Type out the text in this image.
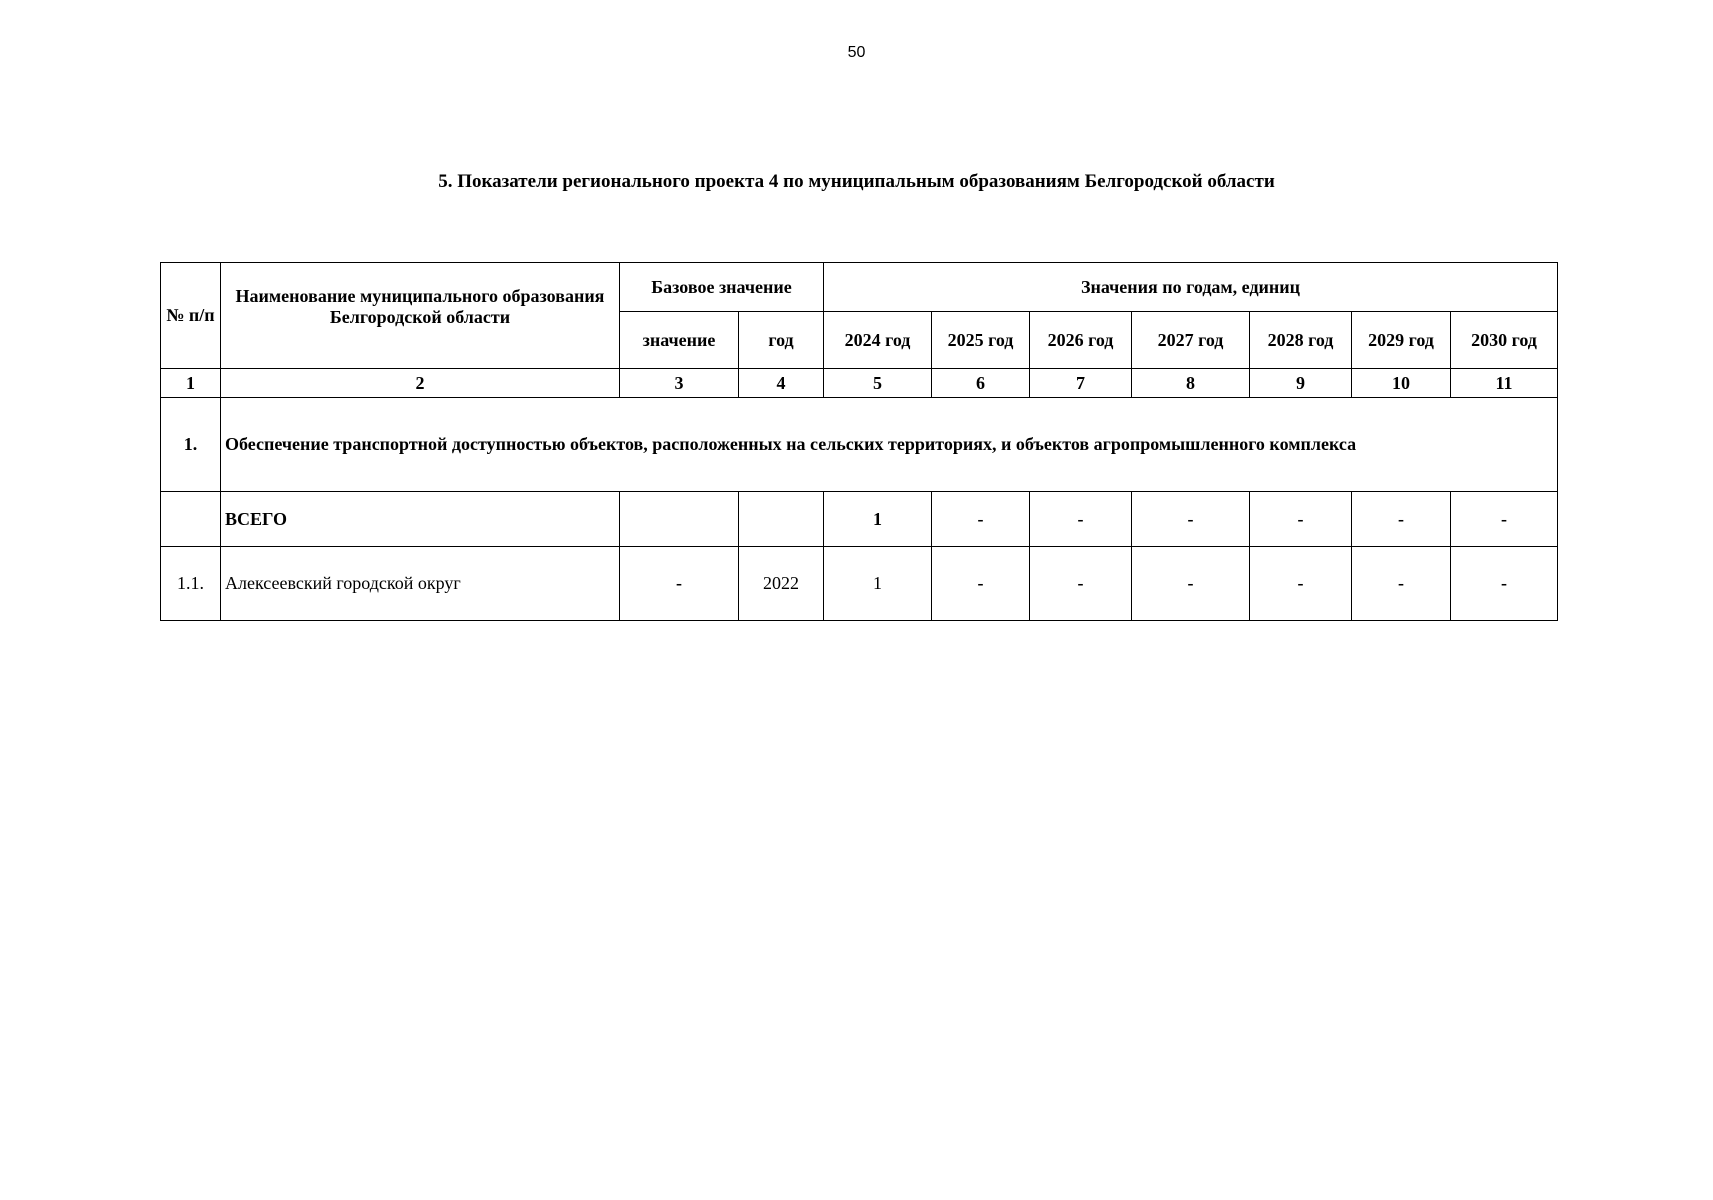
50
5. Показатели регионального проекта 4 по муниципальным образованиям Белгородской области
№ п/п	Наименование муниципального образования Белгородской области	Базовое значение		Значения по годам, единиц						
		значение	год	2024 год	2025 год	2026 год	2027 год	2028 год	2029 год	2030 год
1	2	3	4	5	6	7	8	9	10	11
1.	Обеспечение транспортной доступностью объектов, расположенных на сельских территориях, и объектов агропромышленного комплекса									
	ВСЕГО			1	-	-	-	-	-	-
1.1.	Алексеевский городской округ	-	2022	1	-	-	-	-	-	-
